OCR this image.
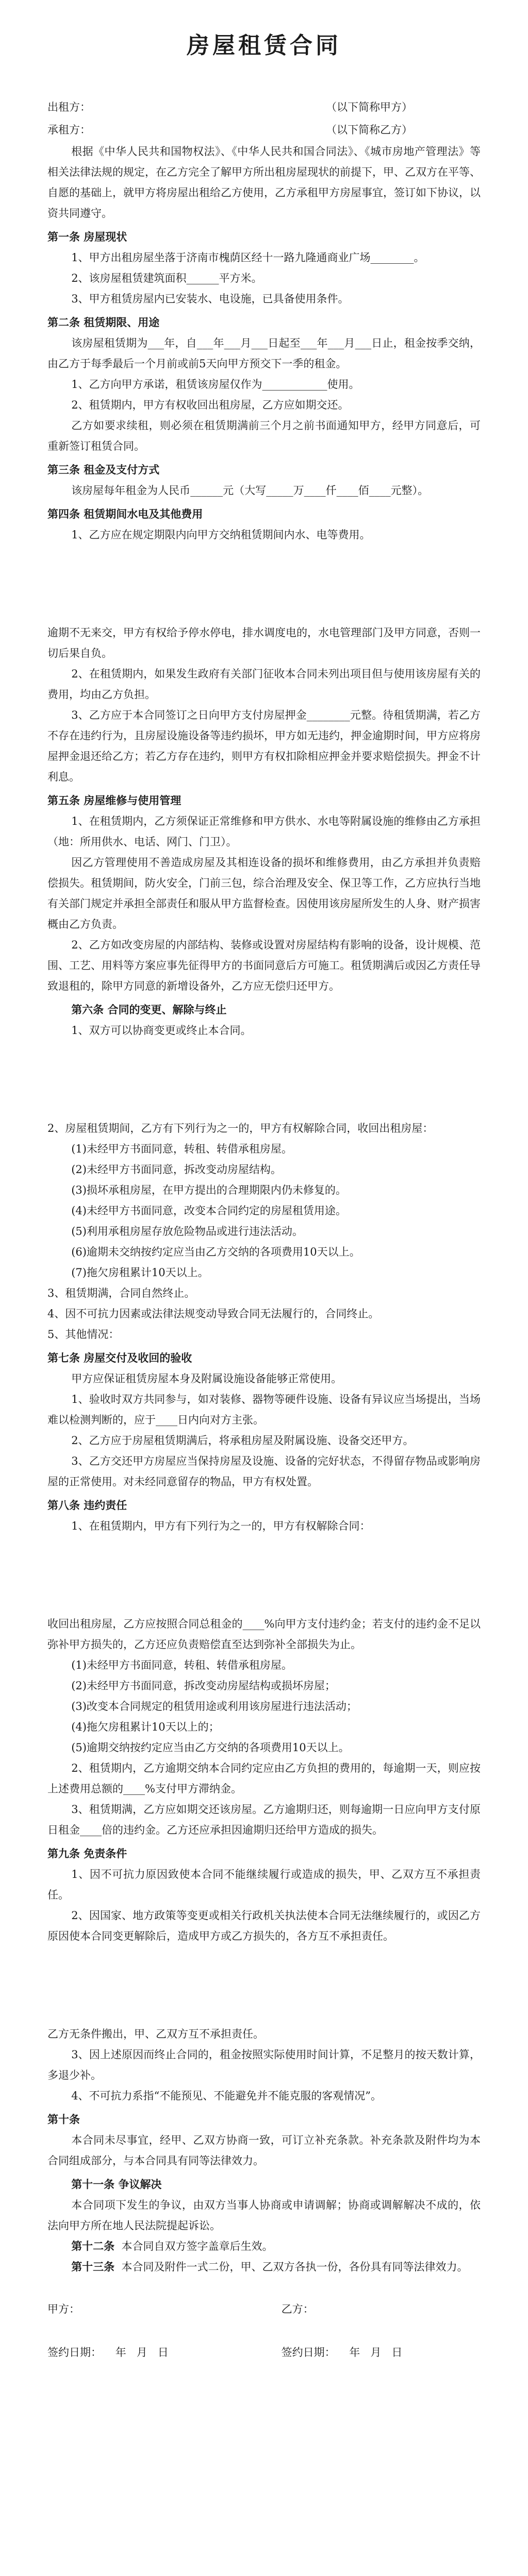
房屋租赁合同
出租方：	（以下简称甲方）
承租方：	（以下简称乙方）

根据《中华人民共和国物权法》、《中华人民共和国合同法》、《城市房地产管理法》等相关法律法规的规定，在乙方完全了解甲方所出租房屋现状的前提下，甲、乙双方在平等、自愿的基础上，就甲方将房屋出租给乙方使用，乙方承租甲方房屋事宜，签订如下协议，以资共同遵守。

第一条 房屋现状

1、甲方出租房屋坐落于济南市槐荫区经十一路九隆通商业广场________。

2、该房屋租赁建筑面积______平方米。

3、甲方租赁房屋内已安装水、电设施，已具备使用条件。

第二条 租赁期限、用途

该房屋租赁期为___年，自___年___月___日起至___年___月___日止，租金按季交纳，由乙方于每季最后一个月前或前5天向甲方预交下一季的租金。

1、乙方向甲方承诺，租赁该房屋仅作为____________使用。

2、租赁期内，甲方有权收回出租房屋，乙方应如期交还。

乙方如要求续租，则必须在租赁期满前三个月之前书面通知甲方，经甲方同意后，可重新签订租赁合同。

第三条 租金及支付方式

该房屋每年租金为人民币______元（大写_____万____仟____佰____元整）。

第四条 租赁期间水电及其他费用

1、乙方应在规定期限内向甲方交纳租赁期间内水、电等费用。

逾期不无来交，甲方有权给予停水停电，排水调度电的，水电管理部门及甲方同意，否则一切后果自负。

2、在租赁期内，如果发生政府有关部门征收本合同未列出项目但与使用该房屋有关的费用，均由乙方负担。

3、乙方应于本合同签订之日向甲方支付房屋押金________元整。待租赁期满，若乙方不存在违约行为，且房屋设施设备等违约损坏，甲方如无违约，押金逾期时间，甲方应将房屋押金退还给乙方；若乙方存在违约，则甲方有权扣除相应押金并要求赔偿损失。押金不计利息。

第五条 房屋维修与使用管理

1、在租赁期内，乙方须保证正常维修和甲方供水、水电等附属设施的维修由乙方承担（地：所用供水、电话、网门、门卫）。

因乙方管理使用不善造成房屋及其相连设备的损坏和维修费用，由乙方承担并负责赔偿损失。租赁期间，防火安全，门前三包，综合治理及安全、保卫等工作，乙方应执行当地有关部门规定并承担全部责任和服从甲方监督检查。因使用该房屋所发生的人身、财产损害概由乙方负责。

2、乙方如改变房屋的内部结构、装修或设置对房屋结构有影响的设备，设计规模、范围、工艺、用料等方案应事先征得甲方的书面同意后方可施工。租赁期满后或因乙方责任导致退租的，除甲方同意的新增设备外，乙方应无偿归还甲方。

第六条 合同的变更、解除与终止

1、双方可以协商变更或终止本合同。

2、房屋租赁期间，乙方有下列行为之一的，甲方有权解除合同，收回出租房屋：

(1)未经甲方书面同意，转租、转借承租房屋。

(2)未经甲方书面同意，拆改变动房屋结构。

(3)损坏承租房屋，在甲方提出的合理期限内仍未修复的。

(4)未经甲方书面同意，改变本合同约定的房屋租赁用途。

(5)利用承租房屋存放危险物品或进行违法活动。

(6)逾期未交纳按约定应当由乙方交纳的各项费用10天以上。

(7)拖欠房租累计10天以上。

3、租赁期满，合同自然终止。

4、因不可抗力因素或法律法规变动导致合同无法履行的，合同终止。

5、其他情况：

第七条 房屋交付及收回的验收

甲方应保证租赁房屋本身及附属设施设备能够正常使用。

1、验收时双方共同参与，如对装修、器物等硬件设施、设备有异议应当场提出，当场难以检测判断的，应于____日内向对方主张。

2、乙方应于房屋租赁期满后，将承租房屋及附属设施、设备交还甲方。

3、乙方交还甲方房屋应当保持房屋及设施、设备的完好状态，不得留存物品或影响房屋的正常使用。对未经同意留存的物品，甲方有权处置。

第八条 违约责任

1、在租赁期内，甲方有下列行为之一的，甲方有权解除合同：

收回出租房屋，乙方应按照合同总租金的____%向甲方支付违约金；若支付的违约金不足以弥补甲方损失的，乙方还应负责赔偿直至达到弥补全部损失为止。

(1)未经甲方书面同意，转租、转借承租房屋。

(2)未经甲方书面同意，拆改变动房屋结构或损坏房屋；

(3)改变本合同规定的租赁用途或利用该房屋进行违法活动；

(4)拖欠房租累计10天以上的；

(5)逾期交纳按约定应当由乙方交纳的各项费用10天以上。

2、租赁期内，乙方逾期交纳本合同约定应由乙方负担的费用的，每逾期一天，则应按上述费用总额的____%支付甲方滞纳金。

3、租赁期满，乙方应如期交还该房屋。乙方逾期归还，则每逾期一日应向甲方支付原日租金____倍的违约金。乙方还应承担因逾期归还给甲方造成的损失。

第九条 免责条件

1、因不可抗力原因致使本合同不能继续履行或造成的损失，甲、乙双方互不承担责任。

2、因国家、地方政策等变更或相关行政机关执法使本合同无法继续履行的，或因乙方原因使本合同变更解除后，造成甲方或乙方损失的，各方互不承担责任。

乙方无条件搬出，甲、乙双方互不承担责任。

3、因上述原因而终止合同的，租金按照实际使用时间计算，不足整月的按天数计算，多退少补。

4、不可抗力系指“不能预见、不能避免并不能克服的客观情况”。

第十条

本合同未尽事宜，经甲、乙双方协商一致，可订立补充条款。补充条款及附件均为本合同组成部分，与本合同具有同等法律效力。

第十一条 争议解决

本合同项下发生的争议，由双方当事人协商或申请调解；协商或调解解决不成的，依法向甲方所在地人民法院提起诉讼。

第十二条 本合同自双方签字盖章后生效。

第十三条 本合同及附件一式二份，甲、乙双方各执一份，各份具有同等法律效力。

甲方：	乙方：
签约日期：    年   月   日	签约日期：    年   月   日
